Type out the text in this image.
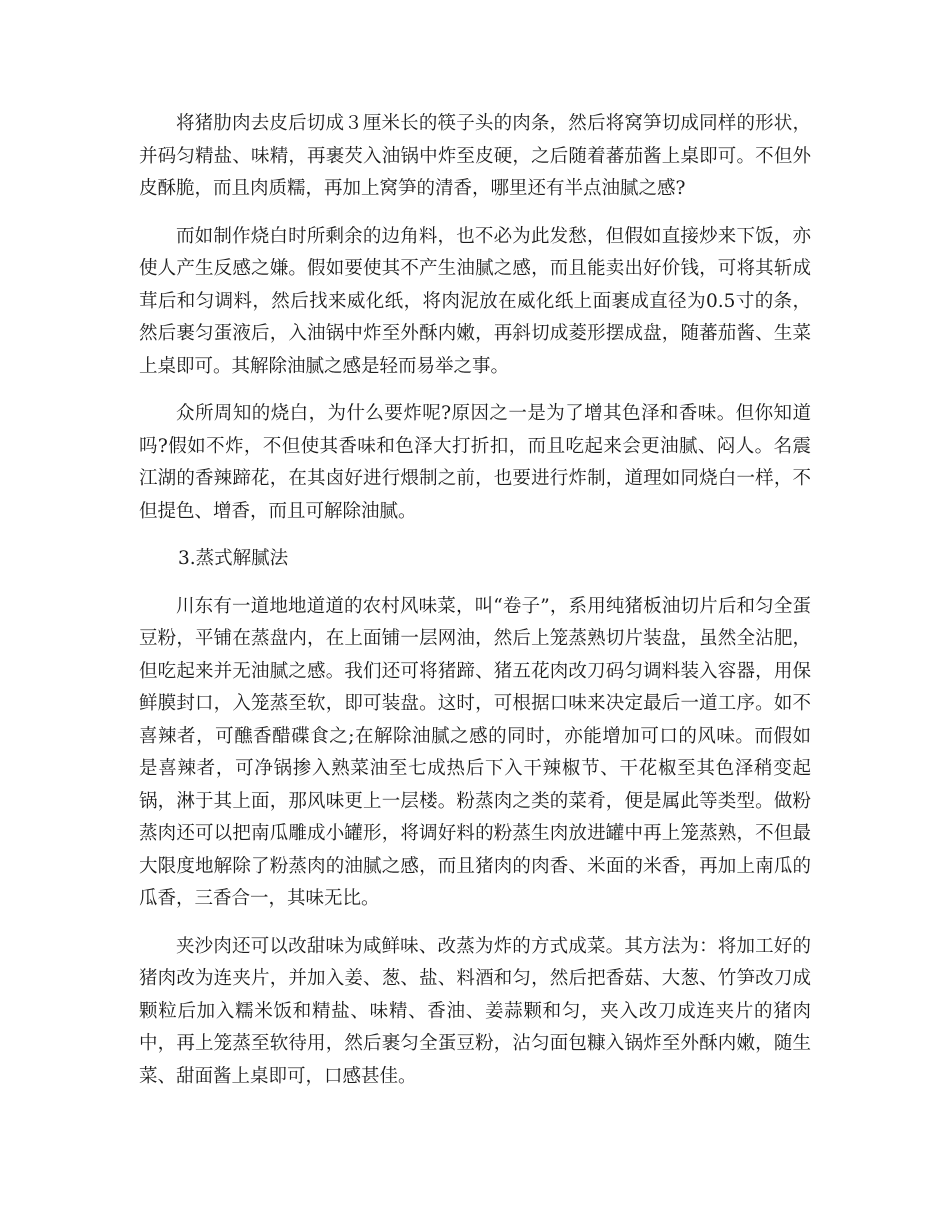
将猪肋肉去皮后切成３厘米长的筷子头的肉条，然后将窝笋切成同样的形状，并码匀精盐、味精，再裹芡入油锅中炸至皮硬，之后随着蕃茄酱上桌即可。不但外皮酥脆，而且肉质糯，再加上窝笋的清香，哪里还有半点油腻之感?

而如制作烧白时所剩余的边角料，也不必为此发愁，但假如直接炒来下饭，亦使人产生反感之嫌。假如要使其不产生油腻之感，而且能卖出好价钱，可将其斩成茸后和匀调料，然后找来威化纸，将肉泥放在威化纸上面裹成直径为0.5寸的条，然后裹匀蛋液后，入油锅中炸至外酥内嫩，再斜切成菱形摆成盘，随蕃茄酱、生菜上桌即可。其解除油腻之感是轻而易举之事。

众所周知的烧白，为什么要炸呢?原因之一是为了增其色泽和香味。但你知道吗?假如不炸，不但使其香味和色泽大打折扣，而且吃起来会更油腻、闷人。名震江湖的香辣蹄花，在其卤好进行煨制之前，也要进行炸制，道理如同烧白一样，不但提色、增香，而且可解除油腻。

3.蒸式解腻法

川东有一道地地道道的农村风味菜，叫“卷子”，系用纯猪板油切片后和匀全蛋豆粉，平铺在蒸盘内，在上面铺一层网油，然后上笼蒸熟切片装盘，虽然全沾肥，但吃起来并无油腻之感。我们还可将猪蹄、猪五花肉改刀码匀调料装入容器，用保鲜膜封口，入笼蒸至软，即可装盘。这时，可根据口味来决定最后一道工序。如不喜辣者，可醮香醋碟食之;在解除油腻之感的同时，亦能增加可口的风味。而假如是喜辣者，可净锅掺入熟菜油至七成热后下入干辣椒节、干花椒至其色泽稍变起锅，淋于其上面，那风味更上一层楼。粉蒸肉之类的菜肴，便是属此等类型。做粉蒸肉还可以把南瓜雕成小罐形，将调好料的粉蒸生肉放进罐中再上笼蒸熟，不但最大限度地解除了粉蒸肉的油腻之感，而且猪肉的肉香、米面的米香，再加上南瓜的瓜香，三香合一，其味无比。

夹沙肉还可以改甜味为咸鲜味、改蒸为炸的方式成菜。其方法为：将加工好的猪肉改为连夹片，并加入姜、葱、盐、料酒和匀，然后把香菇、大葱、竹笋改刀成颗粒后加入糯米饭和精盐、味精、香油、姜蒜颗和匀，夹入改刀成连夹片的猪肉中，再上笼蒸至软待用，然后裹匀全蛋豆粉，沾匀面包糠入锅炸至外酥内嫩，随生菜、甜面酱上桌即可，口感甚佳。
